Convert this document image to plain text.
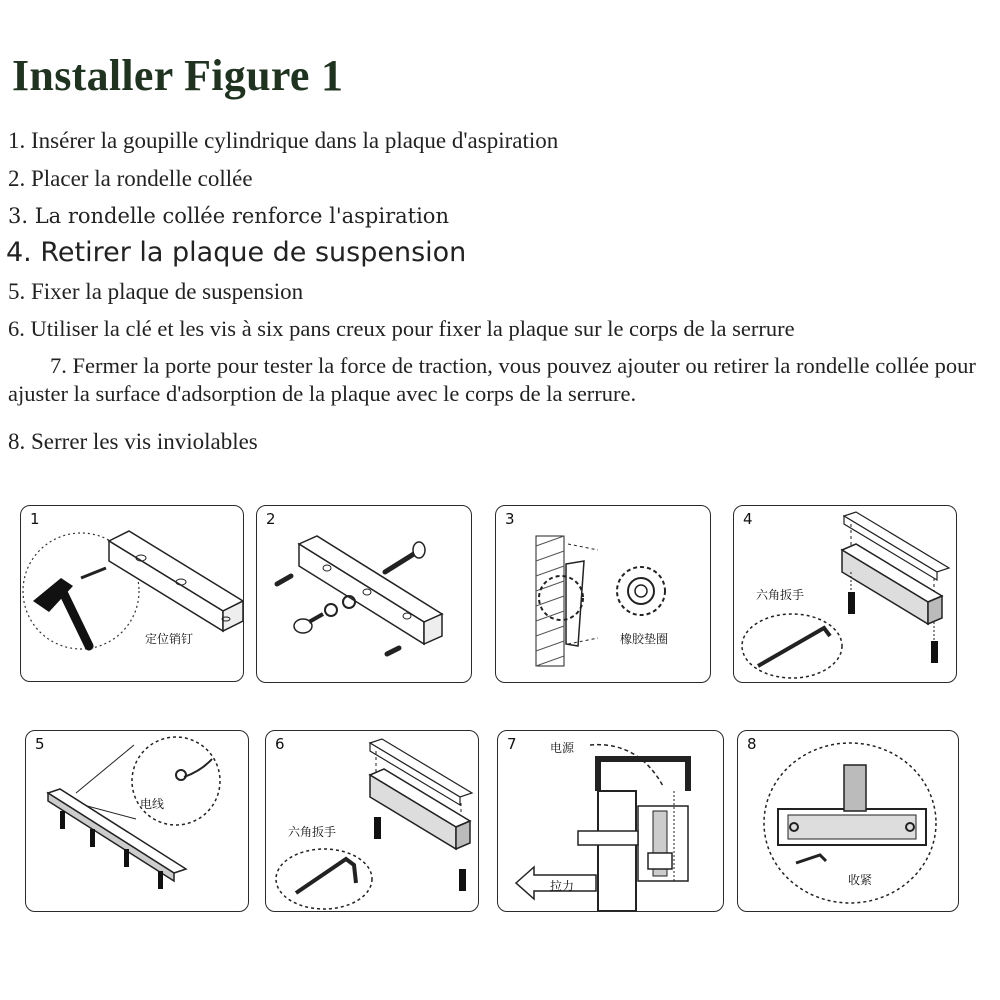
Installer Figure 1
1. Insérer la goupille cylindrique dans la plaque d'aspiration
2. Placer la rondelle collée
3. La rondelle collée renforce l'aspiration
4. Retirer la plaque de suspension
5. Fixer la plaque de suspension
6. Utiliser la clé et les vis à six pans creux pour fixer la plaque sur le corps de la serrure
7. Fermer la porte pour tester la force de traction, vous pouvez ajouter ou retirer la rondelle collée pour ajuster la surface d'adsorption de la plaque avec le corps de la serrure.
8. Serrer les vis inviolables
1
定位销钉
2	3
橡胶垫圈
4
六角扳手
5
电线
6
六角扳手
7	电源
拉力
8
收紧
